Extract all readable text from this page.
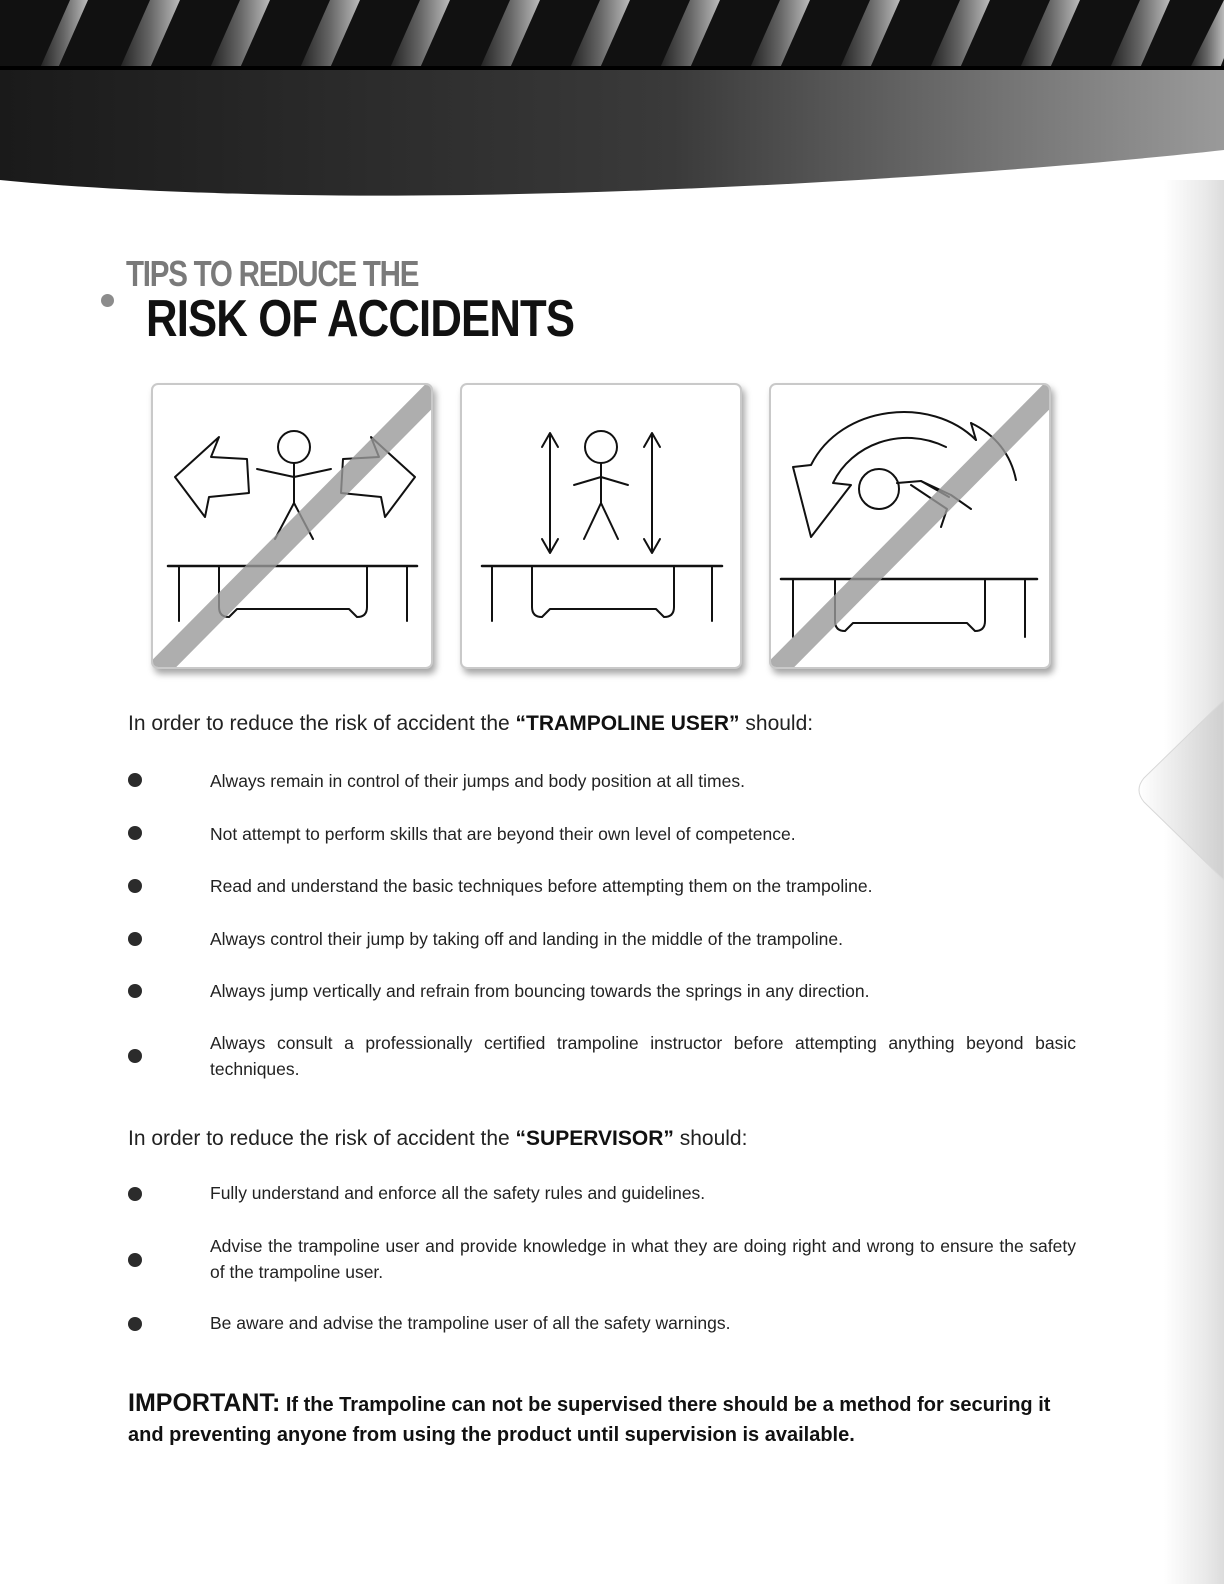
TIPS TO REDUCE THE
RISK OF ACCIDENTS
In order to reduce the risk of accident the “TRAMPOLINE USER” should:
Always remain in control of their jumps and body position at all times.
Not attempt to perform skills that are beyond their own level of competence.
Read and understand the basic techniques before attempting them on the trampoline.
Always control their jump by taking off and landing in the middle of the trampoline.
Always jump vertically and refrain from bouncing towards the springs in any direction.
Always consult a professionally certified trampoline instructor before attempting anything beyond basic techniques.
In order to reduce the risk of accident the “SUPERVISOR” should:
Fully understand and enforce all the safety rules and guidelines.
Advise the trampoline user and provide knowledge in what they are doing right and wrong to ensure the safety of the trampoline user.
Be aware and advise the trampoline user of all the safety warnings.
IMPORTANT: If the Trampoline can not be supervised there should be a method for securing it and preventing anyone from using the product until supervision is available.
